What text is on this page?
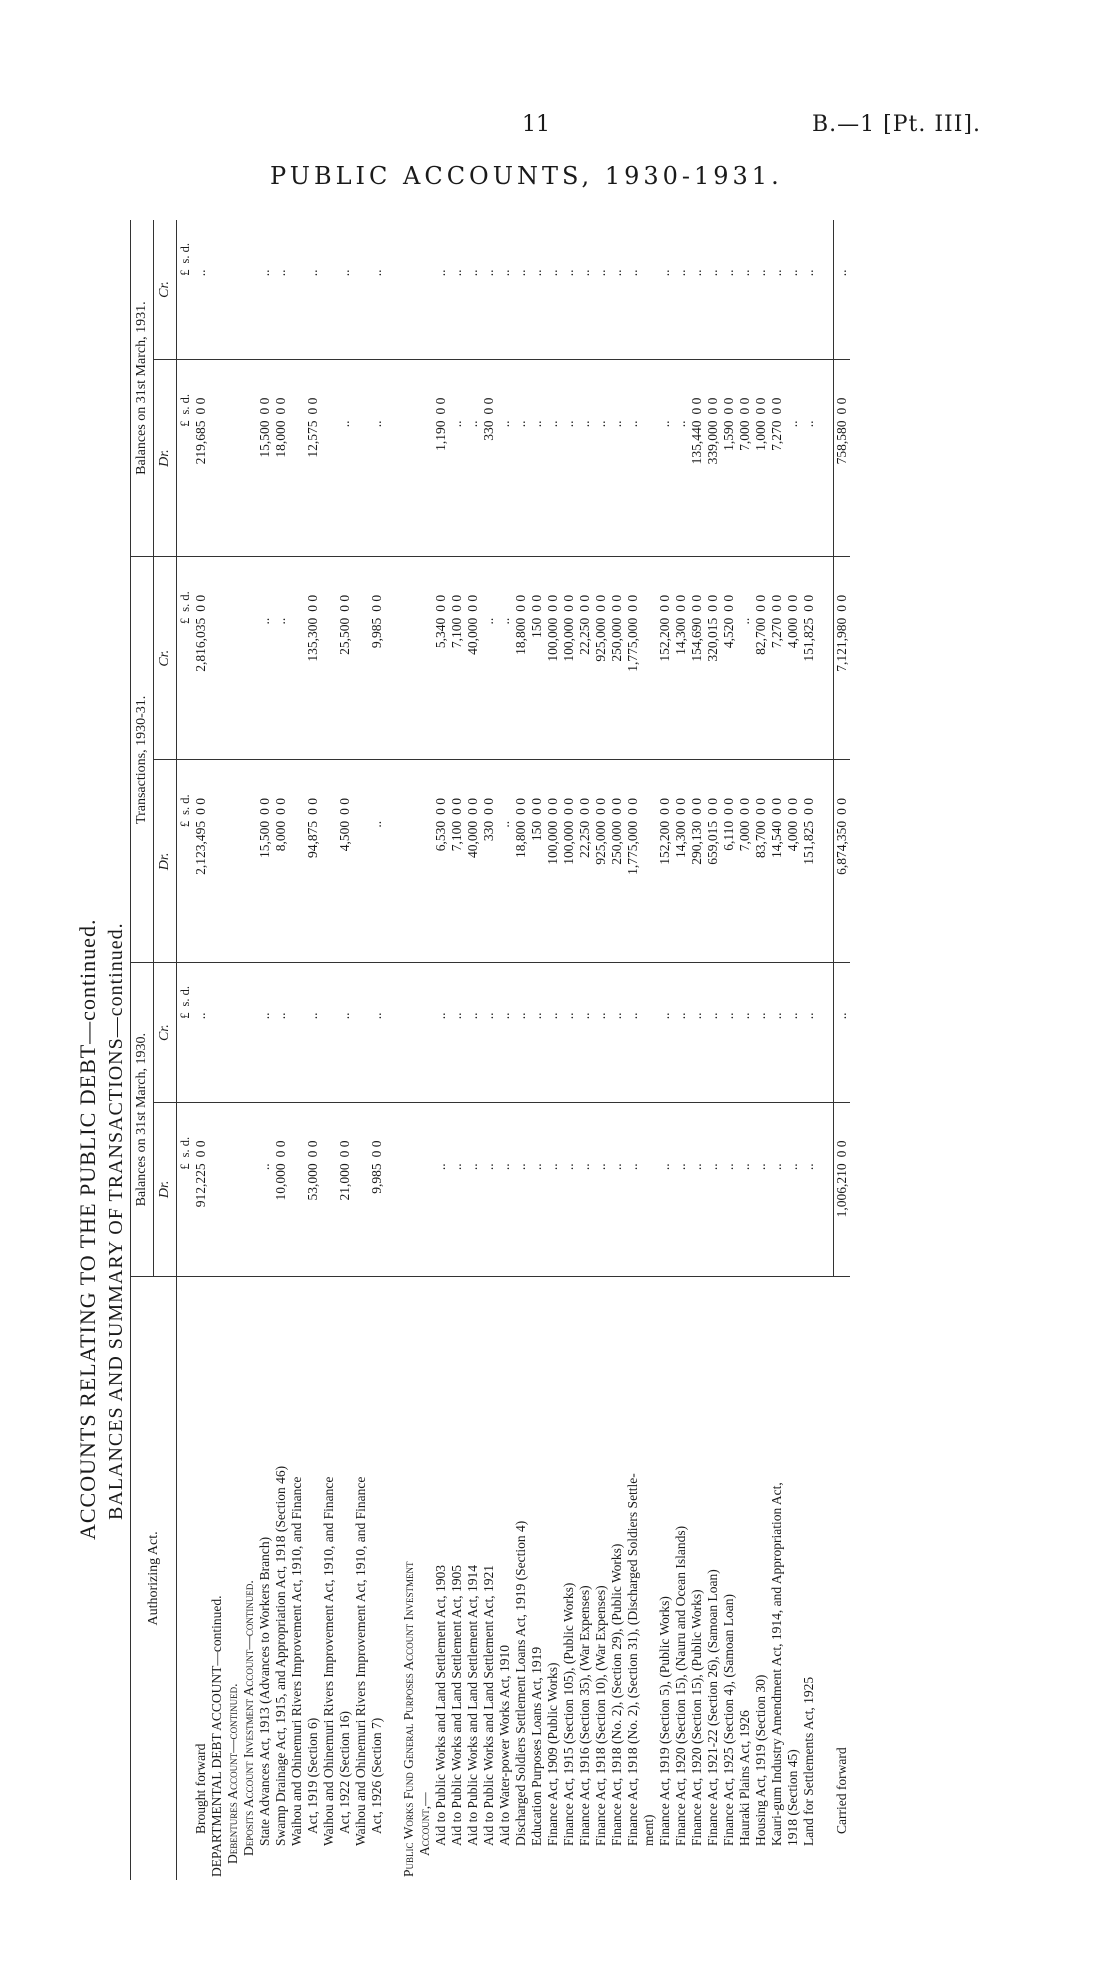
11	B.—1 [Pt. III].
PUBLIC ACCOUNTS, 1930-1931.
ACCOUNTS RELATING TO THE PUBLIC DEBT—continued. BALANCES AND SUMMARY OF TRANSACTIONS—continued.
Authorizing Act.	Balances on 31st March, 1930.				Transactions, 1930-31.				Balances on 31st March, 1931.			
	Dr.		Cr.		Dr.		Cr.		Dr.		Cr.	
	£	s. d.	£	s. d.	£	s. d.	£	s. d.	£	s. d.	£	s. d.
Brought forward	912,225	0 0	..		2,123,495	0 0	2,816,035	0 0	219,685	0 0	..	
DEPARTMENTAL DEBT ACCOUNT—continued.												
Debentures Account—continued.												
Deposits Account Investment Account—continued.												
State Advances Act, 1913 (Advances to Workers Branch)	..		..		15,500	0 0	..		15,500	0 0	..	
Swamp Drainage Act, 1915, and Appropriation Act, 1918 (Section 46)	10,000	0 0	..		8,000	0 0	..		18,000	0 0	..	
Waihou and Ohinemuri Rivers Improvement Act, 1910, and Finance												
Act, 1919 (Section 6)	53,000	0 0	..		94,875	0 0	135,300	0 0	12,575	0 0	..	
Waihou and Ohinemuri Rivers Improvement Act, 1910, and Finance												
Act, 1922 (Section 16)	21,000	0 0	..		4,500	0 0	25,500	0 0	..		..	
Waihou and Ohinemuri Rivers Improvement Act, 1910, and Finance												
Act, 1926 (Section 7)	9,985	0 0	..		..		9,985	0 0	..		..	

Public Works Fund General Purposes Account Investment												
Account,—												
Aid to Public Works and Land Settlement Act, 1903	..		..		6,530	0 0	5,340	0 0	1,190	0 0	..	
Aid to Public Works and Land Settlement Act, 1905	..		..		7,100	0 0	7,100	0 0	..		..	
Aid to Public Works and Land Settlement Act, 1914	..		..		40,000	0 0	40,000	0 0	..		..	
Aid to Public Works and Land Settlement Act, 1921	..		..		330	0 0	..		330	0 0	..	
Aid to Water-power Works Act, 1910	..		..		..		..		..		..	
Discharged Soldiers Settlement Loans Act, 1919 (Section 4)	..		..		18,800	0 0	18,800	0 0	..		..	
Education Purposes Loans Act, 1919	..		..		150	0 0	150	0 0	..		..	
Finance Act, 1909 (Public Works)	..		..		100,000	0 0	100,000	0 0	..		..	
Finance Act, 1915 (Section 105), (Public Works)	..		..		100,000	0 0	100,000	0 0	..		..	
Finance Act, 1916 (Section 35), (War Expenses)	..		..		22,250	0 0	22,250	0 0	..		..	
Finance Act, 1918 (Section 10), (War Expenses)	..		..		925,000	0 0	925,000	0 0	..		..	
Finance Act, 1918 (No. 2), (Section 29), (Public Works)	..		..		250,000	0 0	250,000	0 0	..		..	
Finance Act, 1918 (No. 2), (Section 31), (Discharged Soldiers Settle-	..		..		1,775,000	0 0	1,775,000	0 0	..		..	
ment)												
Finance Act, 1919 (Section 5), (Public Works)	..		..		152,200	0 0	152,200	0 0	..		..	
Finance Act, 1920 (Section 15), (Nauru and Ocean Islands)	..		..		14,300	0 0	14,300	0 0	..		..	
Finance Act, 1920 (Section 15), (Public Works)	..		..		290,130	0 0	154,690	0 0	135,440	0 0	..	
Finance Act, 1921-22 (Section 26), (Samoan Loan)	..		..		659,015	0 0	320,015	0 0	339,000	0 0	..	
Finance Act, 1925 (Section 4), (Samoan Loan)	..		..		6,110	0 0	4,520	0 0	1,590	0 0	..	
Hauraki Plains Act, 1926	..		..		7,000	0 0	..		7,000	0 0	..	
Housing Act, 1919 (Section 30)	..		..		83,700	0 0	82,700	0 0	1,000	0 0	..	
Kauri-gum Industry Amendment Act, 1914, and Appropriation Act,	..		..		14,540	0 0	7,270	0 0	7,270	0 0	..	
1918 (Section 45)	..		..		4,000	0 0	4,000	0 0	..		..	
Land for Settlements Act, 1925	..		..		151,825	0 0	151,825	0 0	..		..	

Carried forward	1,006,210	0 0	..		6,874,350	0 0	7,121,980	0 0	758,580	0 0	..	
